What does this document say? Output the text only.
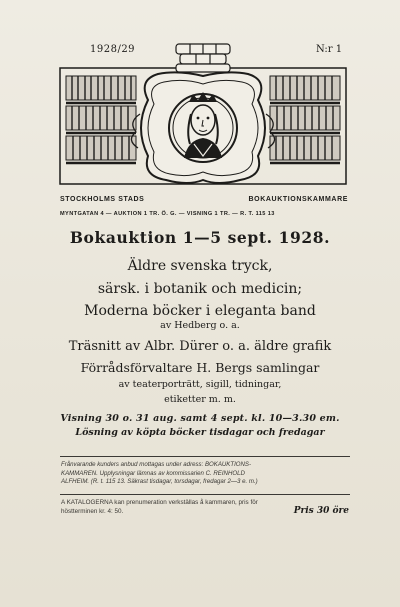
1928/29	N:r 1
STOCKHOLMS STADS	BOKAUKTIONSKAMMARE
MYNTGATAN 4 — AUKTION 1 TR. Ö. G. — VISNING 1 TR. — R. T. 115 13
Bokauktion 1—5 sept. 1928.
Äldre svenska tryck,
särsk. i botanik och medicin;
Moderna böcker i eleganta band
av Hedberg o. a.
Träsnitt av Albr. Dürer o. a. äldre grafik
Förrådsförvaltare H. Bergs samlingar
av teaterporträtt, sigill, tidningar,
etiketter m. m.
Visning 30 o. 31 aug. samt 4 sept. kl. 10—3.30 em.
Lösning av köpta böcker tisdagar och fredagar
Frånvarande kunders anbud mottagas under adress: BOKAUKTIONS-
KAMMAREN. Upplysningar lämnas av kommissarien C. REINHOLD
ALFHEIM. (R. t. 115 13. Säkrast tisdagar, torsdagar, fredagar 2—3 e. m.)
A KATALOGERNA kan prenumeration verkställas å kammaren, pris för
höstterminen kr. 4: 50.	Pris 30 öre
